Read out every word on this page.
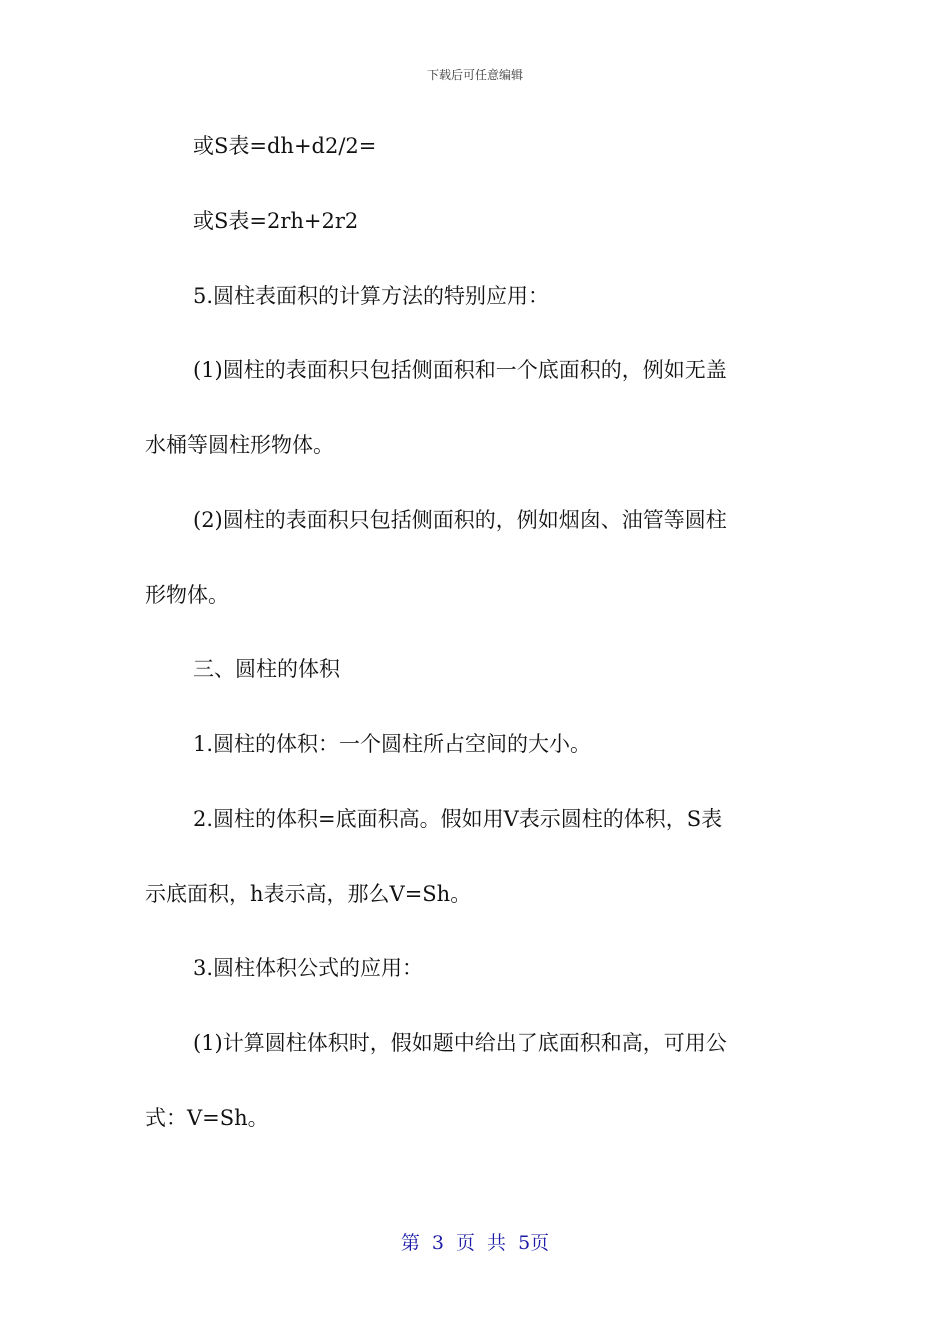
下载后可任意编辑
或S表=dh+d2/2=
或S表=2rh+2r2
5.圆柱表面积的计算方法的特别应用：
(1)圆柱的表面积只包括侧面积和一个底面积的，例如无盖
水桶等圆柱形物体。
(2)圆柱的表面积只包括侧面积的，例如烟囱、油管等圆柱
形物体。
三、圆柱的体积
1.圆柱的体积：一个圆柱所占空间的大小。
2.圆柱的体积=底面积高。假如用V表示圆柱的体积，S表
示底面积，h表示高，那么V=Sh。
3.圆柱体积公式的应用：
(1)计算圆柱体积时，假如题中给出了底面积和高，可用公
式：V=Sh。
第 3 页 共 5页
